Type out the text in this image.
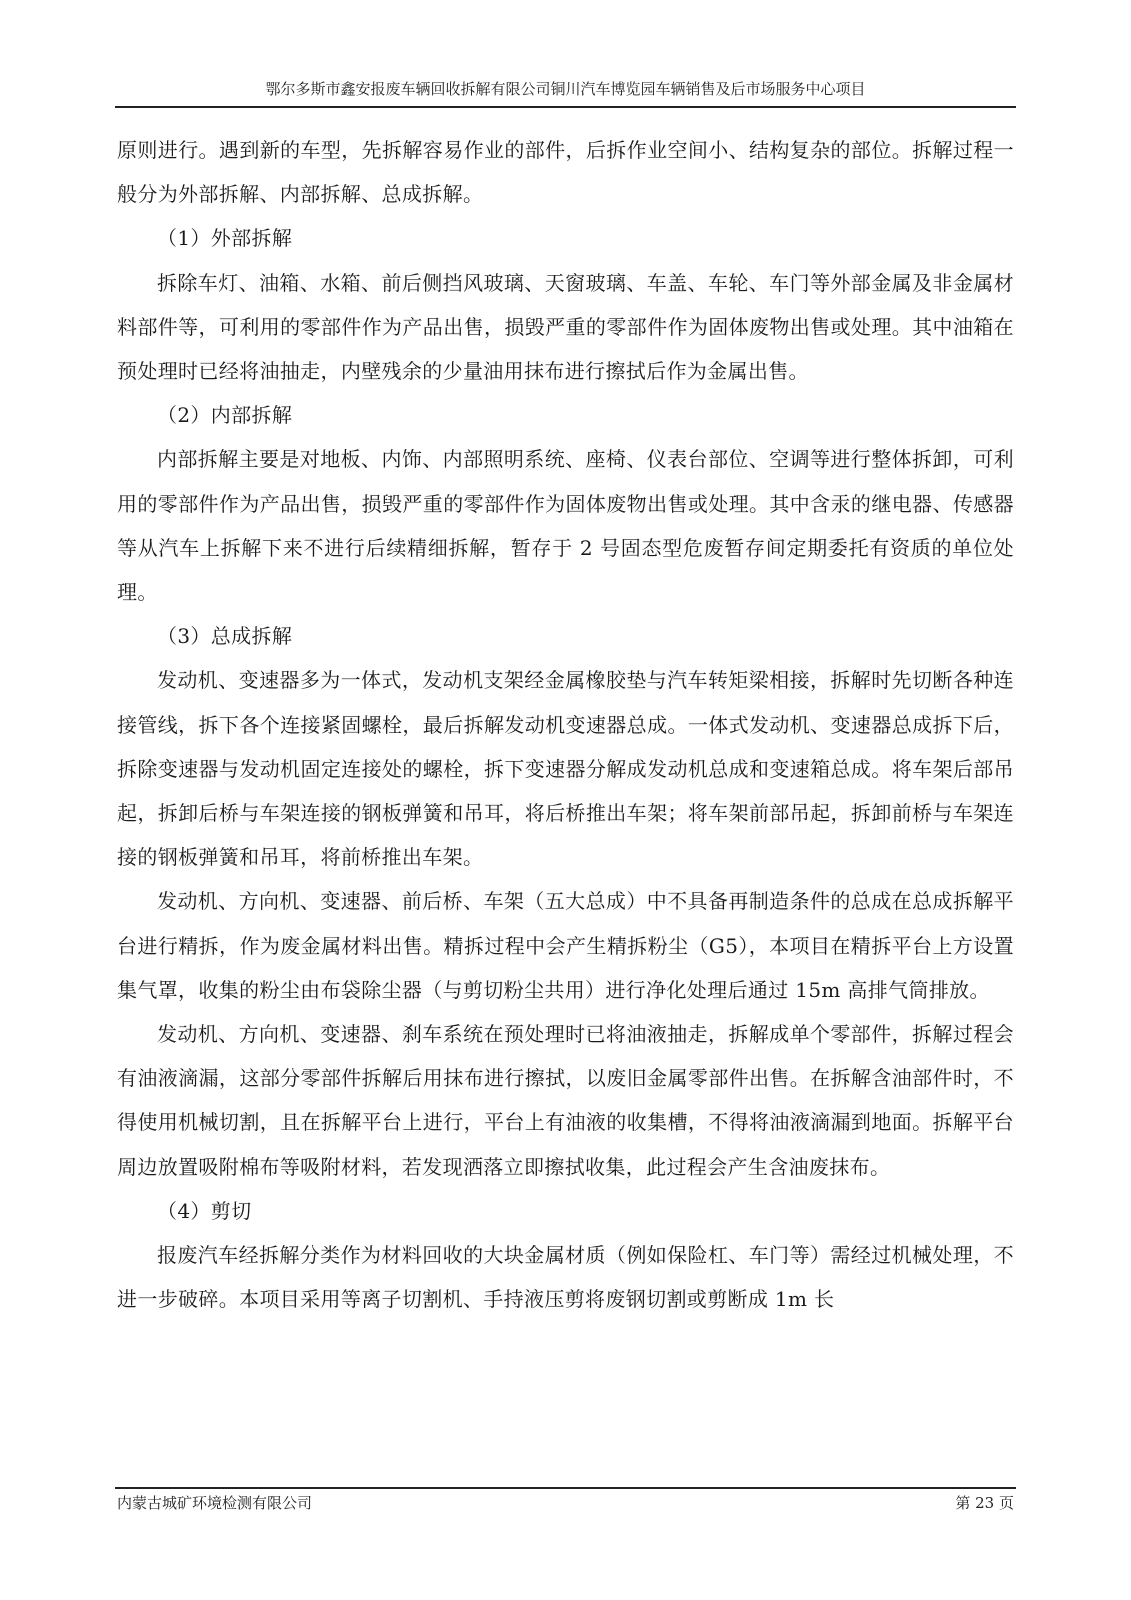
鄂尔多斯市鑫安报废车辆回收拆解有限公司铜川汽车博览园车辆销售及后市场服务中心项目

原则进行。遇到新的车型，先拆解容易作业的部件，后拆作业空间小、结构复杂的部位。拆解过程一般分为外部拆解、内部拆解、总成拆解。

（1）外部拆解

拆除车灯、油箱、水箱、前后侧挡风玻璃、天窗玻璃、车盖、车轮、车门等外部金属及非金属材料部件等，可利用的零部件作为产品出售，损毁严重的零部件作为固体废物出售或处理。其中油箱在预处理时已经将油抽走，内壁残余的少量油用抹布进行擦拭后作为金属出售。

（2）内部拆解

内部拆解主要是对地板、内饰、内部照明系统、座椅、仪表台部位、空调等进行整体拆卸，可利用的零部件作为产品出售，损毁严重的零部件作为固体废物出售或处理。其中含汞的继电器、传感器等从汽车上拆解下来不进行后续精细拆解，暂存于 2 号固态型危废暂存间定期委托有资质的单位处理。

（3）总成拆解

发动机、变速器多为一体式，发动机支架经金属橡胶垫与汽车转矩梁相接，拆解时先切断各种连接管线，拆下各个连接紧固螺栓，最后拆解发动机变速器总成。一体式发动机、变速器总成拆下后，拆除变速器与发动机固定连接处的螺栓，拆下变速器分解成发动机总成和变速箱总成。将车架后部吊起，拆卸后桥与车架连接的钢板弹簧和吊耳，将后桥推出车架；将车架前部吊起，拆卸前桥与车架连接的钢板弹簧和吊耳，将前桥推出车架。

发动机、方向机、变速器、前后桥、车架（五大总成）中不具备再制造条件的总成在总成拆解平台进行精拆，作为废金属材料出售。精拆过程中会产生精拆粉尘（G5），本项目在精拆平台上方设置集气罩，收集的粉尘由布袋除尘器（与剪切粉尘共用）进行净化处理后通过 15m 高排气筒排放。

发动机、方向机、变速器、刹车系统在预处理时已将油液抽走，拆解成单个零部件，拆解过程会有油液滴漏，这部分零部件拆解后用抹布进行擦拭，以废旧金属零部件出售。在拆解含油部件时，不得使用机械切割，且在拆解平台上进行，平台上有油液的收集槽，不得将油液滴漏到地面。拆解平台周边放置吸附棉布等吸附材料，若发现洒落立即擦拭收集，此过程会产生含油废抹布。

（4）剪切

报废汽车经拆解分类作为材料回收的大块金属材质（例如保险杠、车门等）需经过机械处理，不进一步破碎。本项目采用等离子切割机、手持液压剪将废钢切割或剪断成 1m 长

内蒙古城矿环境检测有限公司	第 23 页
